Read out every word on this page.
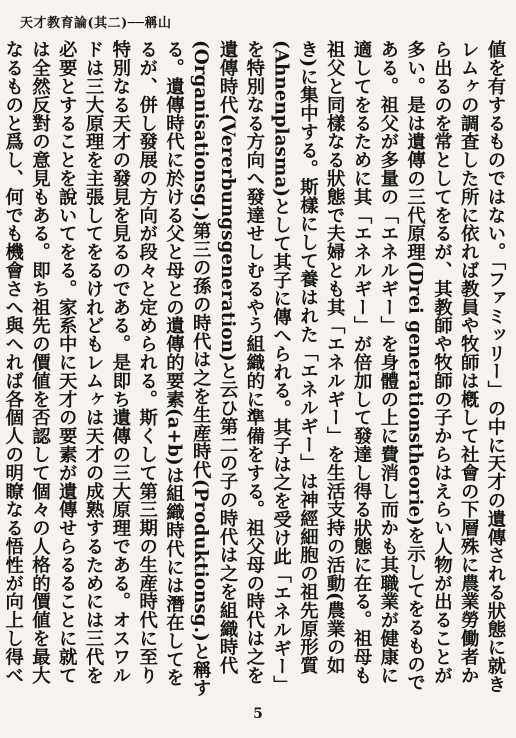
天才教育論(其二)──稱山

値を有するものではない。「ファミッリー」の中に天才の遺傳される狀態に就きレムヶの調査した所に依れば教員や牧師は槪して社會の下層殊に農業勞働者から出るのを常としてをるが、其教師や牧師の子からはえらい人物が出ることが多い。是は遺傳の三代原理(Drei generationstheorie)を示してをるものである。祖父が多量の「エネルギー」を身體の上に費消し而かも其職業が健康に適してをるために其「エネルギー」が倍加して發達し得る狀態に在る。祖母も祖父と同樣なる狀態で夫婦とも其「エネルギー」を生活支持の活動(農業の如き)に集中する。斯樣にして養はれた「エネルギー」は神經細胞の祖先原形質(Ahnenplasma)として其子に傳へられる。其子は之を受け此「エネルギー」を特別なる方向へ發達せしむるやう組織的に準備をする。祖父母の時代は之を遺傳時代(Vererbungsgeneration)と云ひ第二の子の時代は之を組織時代(Organisationsg.)第三の孫の時代は之を生産時代(Produktionsg.)と稱する。遺傳時代に於ける父と母との遺傳的要素(a+b)は組織時代には潛在してをるが、併し發展の方向が段々と定められる。斯くして第三期の生産時代に至り特別なる天才の發見を見るのである。是即ち遺傳の三大原理である。オスワルドは三大原理を主張してをるけれどもレムヶは天才の成熟するためには三代を必要とすることを說いてをる。家系中に天才の要素が遺傳せらるることに就ては全然反對の意見もある。即ち祖先の價値を否認して個々の人格的價値を最大なるものと爲し、何でも機會さへ與へれば各個人の明瞭なる悟性が向上し得べ

5
